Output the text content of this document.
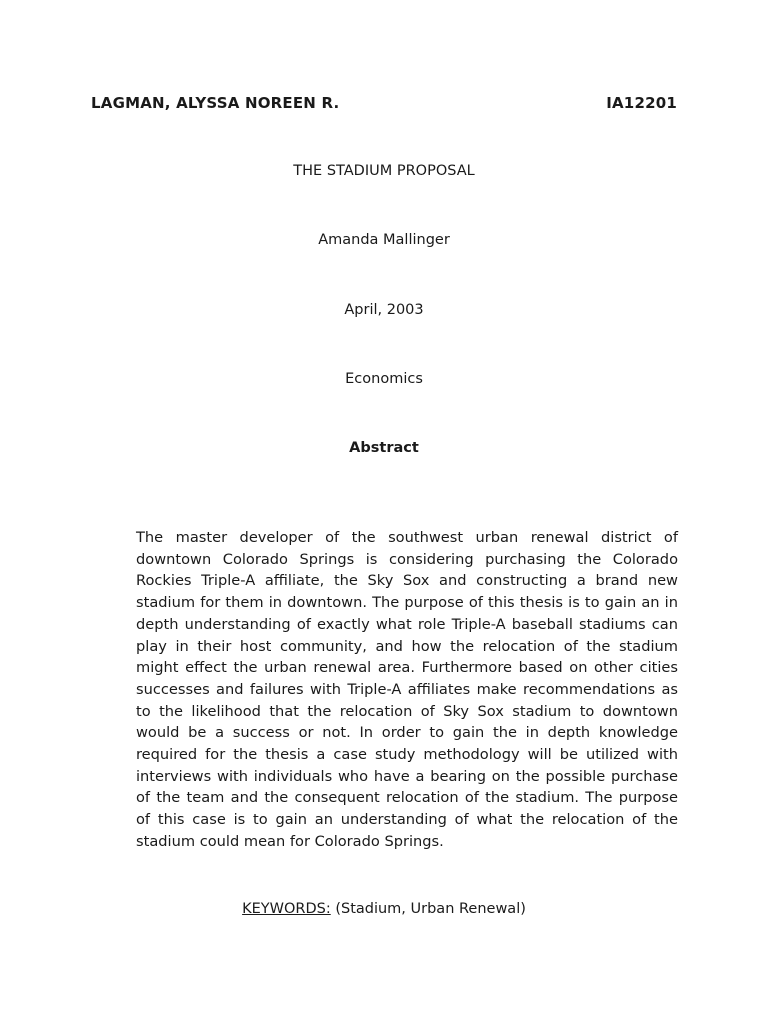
LAGMAN, ALYSSA NOREEN R.	IA12201
THE STADIUM PROPOSAL
Amanda Mallinger
April, 2003
Economics
Abstract

The master developer of the southwest urban renewal district of downtown Colorado Springs is considering purchasing the Colorado Rockies Triple-A affiliate, the Sky Sox and constructing a brand new stadium for them in downtown. The purpose of this thesis is to gain an in depth understanding of exactly what role Triple-A baseball stadiums can play in their host community, and how the relocation of the stadium might effect the urban renewal area. Furthermore based on other cities successes and failures with Triple-A affiliates make recommendations as to the likelihood that the relocation of Sky Sox stadium to downtown would be a success or not. In order to gain the in depth knowledge required for the thesis a case study methodology will be utilized with interviews with individuals who have a bearing on the possible purchase of the team and the consequent relocation of the stadium. The purpose of this case is to gain an understanding of what the relocation of the stadium could mean for Colorado Springs.

KEYWORDS: (Stadium, Urban Renewal)
